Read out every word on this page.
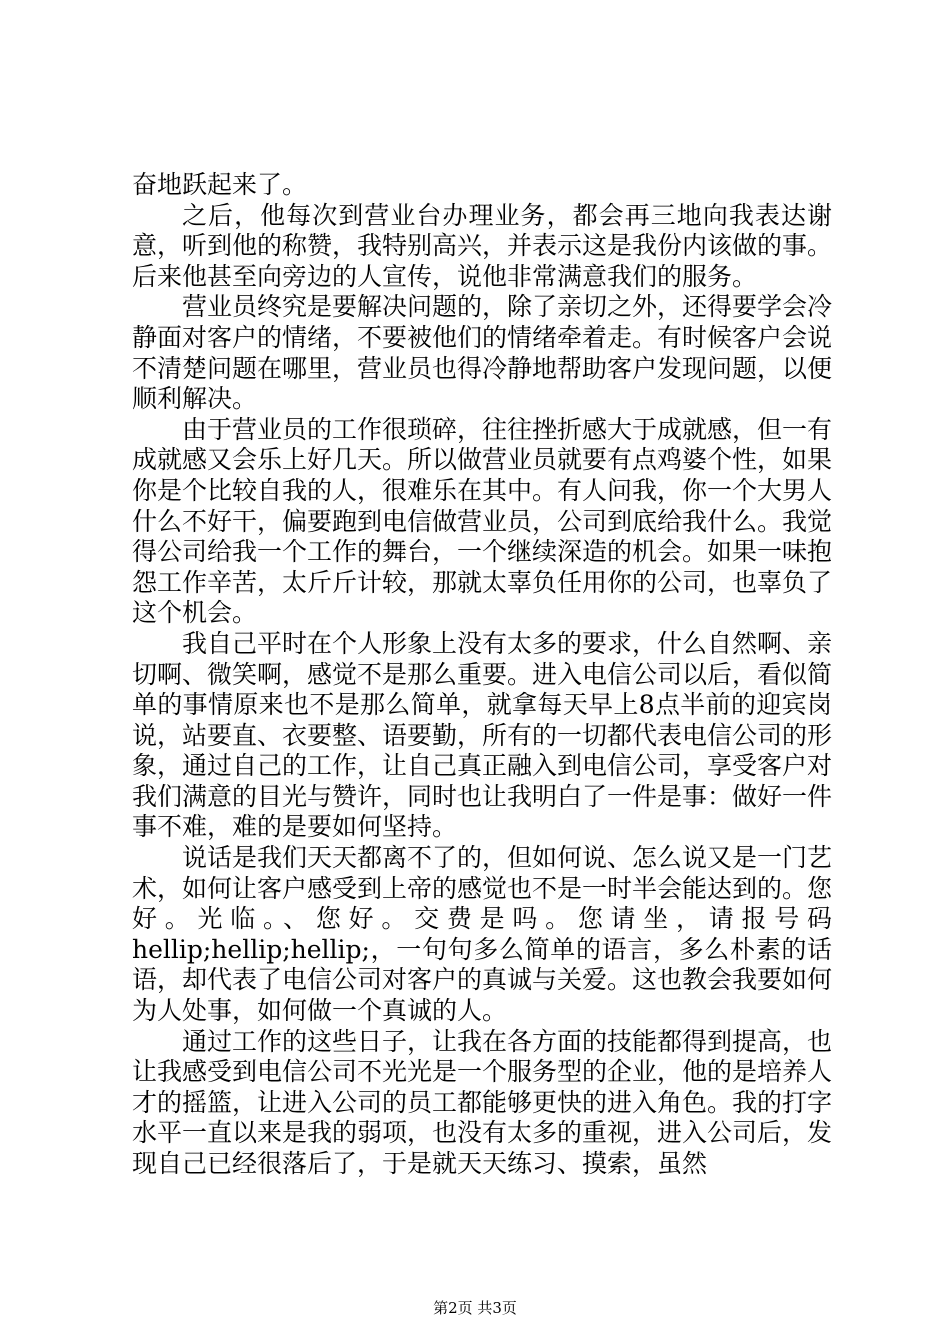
奋地跃起来了。

之后，他每次到营业台办理业务，都会再三地向我表达谢意，听到他的称赞，我特别高兴，并表示这是我份内该做的事。后来他甚至向旁边的人宣传，说他非常满意我们的服务。

营业员终究是要解决问题的，除了亲切之外，还得要学会冷静面对客户的情绪，不要被他们的情绪牵着走。有时候客户会说不清楚问题在哪里，营业员也得冷静地帮助客户发现问题，以便顺利解决。

由于营业员的工作很琐碎，往往挫折感大于成就感，但一有成就感又会乐上好几天。所以做营业员就要有点鸡婆个性，如果你是个比较自我的人，很难乐在其中。有人问我，你一个大男人什么不好干，偏要跑到电信做营业员，公司到底给我什么。我觉得公司给我一个工作的舞台，一个继续深造的机会。如果一味抱怨工作辛苦，太斤斤计较，那就太辜负任用你的公司，也辜负了这个机会。

我自己平时在个人形象上没有太多的要求，什么自然啊、亲切啊、微笑啊，感觉不是那么重要。进入电信公司以后，看似简单的事情原来也不是那么简单，就拿每天早上8点半前的迎宾岗说，站要直、衣要整、语要勤，所有的一切都代表电信公司的形象，通过自己的工作，让自己真正融入到电信公司，享受客户对我们满意的目光与赞许，同时也让我明白了一件是事：做好一件事不难，难的是要如何坚持。

说话是我们天天都离不了的，但如何说、怎么说又是一门艺术，如何让客户感受到上帝的感觉也不是一时半会能达到的。您好。光临。、您好。交费是吗。您请坐，请报号码hellip;hellip;hellip;，一句句多么简单的语言，多么朴素的话语，却代表了电信公司对客户的真诚与关爱。这也教会我要如何为人处事，如何做一个真诚的人。

通过工作的这些日子，让我在各方面的技能都得到提高，也让我感受到电信公司不光光是一个服务型的企业，他的是培养人才的摇篮，让进入公司的员工都能够更快的进入角色。我的打字水平一直以来是我的弱项，也没有太多的重视，进入公司后，发现自己已经很落后了，于是就天天练习、摸索，虽然

第2页 共3页
